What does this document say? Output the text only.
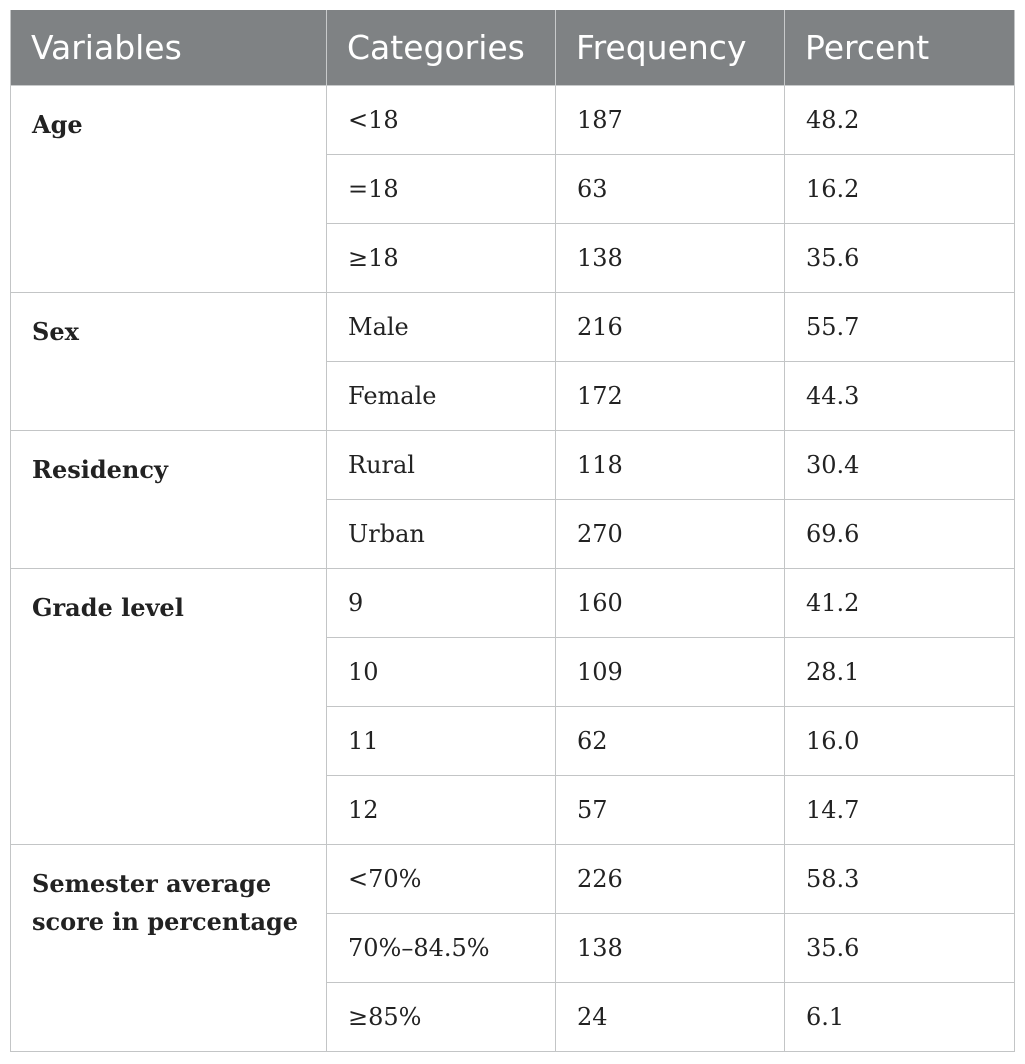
Variables	Categories	Frequency	Percent
Age	<18	187	48.2
	=18	63	16.2
	≥18	138	35.6
Sex	Male	216	55.7
	Female	172	44.3
Residency	Rural	118	30.4
	Urban	270	69.6
Grade level	9	160	41.2
	10	109	28.1
	11	62	16.0
	12	57	14.7
Semester average score in percentage	<70%	226	58.3
	70%–84.5%	138	35.6
	≥85%	24	6.1
